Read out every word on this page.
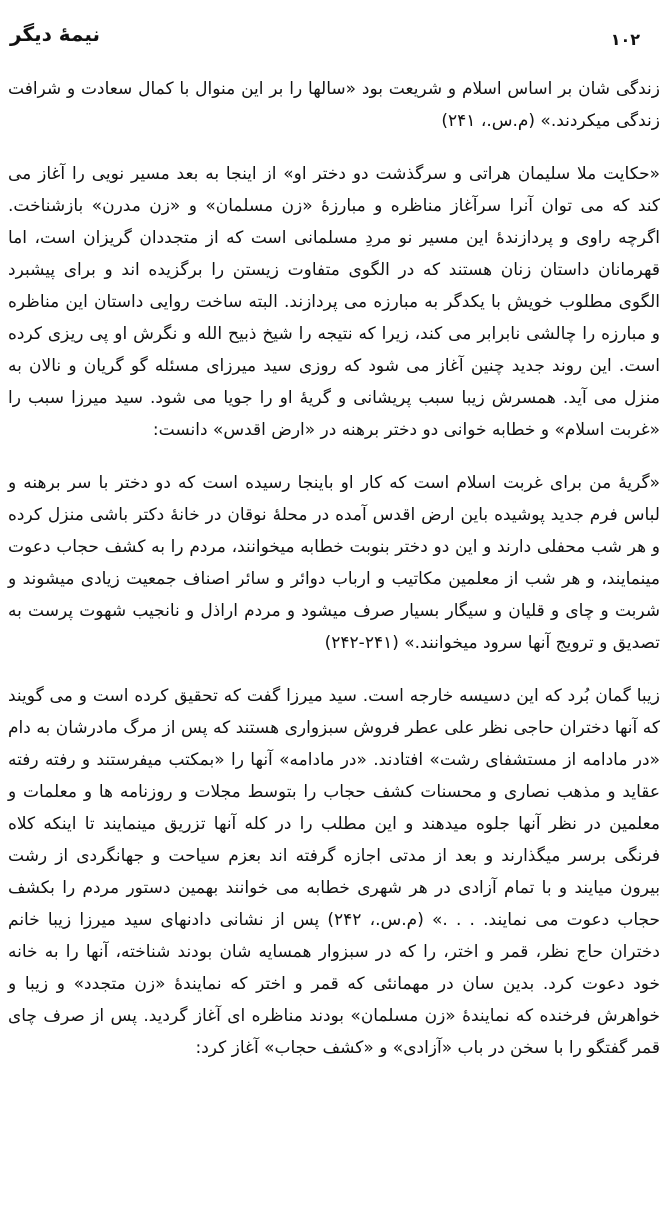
نیمهٔ دیگر	۱۰۲

زندگی شان بر اساس اسلام و شریعت بود «سالها را بر این منوال با کمال سعادت و شرافت زندگی میکردند.» (م.س.، ۲۴۱)

«حکایت ملا سلیمان هراتی و سرگذشت دو دختر او» از اینجا به بعد مسیر نویی را آغاز می کند که می توان آنرا سرآغاز مناظره و مبارزهٔ «زن مسلمان» و «زن مدرن» بازشناخت. اگرچه راوی و پردازندهٔ این مسیر نو مردِ مسلمانی است که از متجددان گریزان است، اما قهرمانان داستان زنان هستند که در الگوی متفاوت زیستن را برگزیده اند و برای پیشبرد الگوی مطلوب خویش با یکدگر به مبارزه می پردازند. البته ساخت روایی داستان این مناظره و مبارزه را چالشی نابرابر می کند، زیرا که نتیجه را شیخ ذبیح الله و نگرش او پی ریزی کرده است. این روند جدید چنین آغاز می شود که روزی سید میرزای مسئله گو گریان و نالان به منزل می آید. همسرش زیبا سبب پریشانی و گریهٔ او را جویا می شود. سید میرزا سبب را «غربت اسلام» و خطابه خوانی دو دختر برهنه در «ارض اقدس» دانست:

«گریهٔ من برای غربت اسلام است که کار او باینجا رسیده است که دو دختر با سر برهنه و لباس فرم جدید پوشیده باین ارض اقدس آمده در محلهٔ نوقان در خانهٔ دکتر باشی منزل کرده و هر شب محفلی دارند و این دو دختر بنوبت خطابه میخوانند، مردم را به کشف حجاب دعوت مینمایند، و هر شب از معلمین مکاتیب و ارباب دوائر و سائر اصناف جمعیت زیادی میشوند و شربت و چای و قلیان و سیگار بسیار صرف میشود و مردم اراذل و نانجیب شهوت پرست به تصدیق و ترویج آنها سرود میخوانند.» (۲۴۱-۲۴۲)

زیبا گمان بُرد که این دسیسه خارجه است. سید میرزا گفت که تحقیق کرده است و می گویند که آنها دختران حاجی نظر علی عطر فروش سبزواری هستند که پس از مرگ مادرشان به دام «در مادامه از مستشفای رشت» افتادند. «در مادامه» آنها را «بمکتب میفرستند و رفته رفته عقاید و مذهب نصاری و محسنات کشف حجاب را بتوسط مجلات و روزنامه ها و معلمات و معلمین در نظر آنها جلوه میدهند و این مطلب را در کله آنها تزریق مینمایند تا اینکه کلاه فرنگی برسر میگذارند و بعد از مدتی اجازه گرفته اند بعزم سیاحت و جهانگردی از رشت بیرون میایند و با تمام آزادی در هر شهری خطابه می خوانند بهمین دستور مردم را بکشف حجاب دعوت می نمایند. . . .» (م.س.، ۲۴۲) پس از نشانی دادنهای سید میرزا زیبا خانم دختران حاج نظر، قمر و اختر، را که در سبزوار همسایه شان بودند شناخته، آنها را به خانه خود دعوت کرد. بدین سان در مهمانئی که قمر و اختر که نمایندهٔ «زن متجدد» و زیبا و خواهرش فرخنده که نمایندهٔ «زن مسلمان» بودند مناظره ای آغاز گردید. پس از صرف چای قمر گفتگو را با سخن در باب «آزادی» و «کشف حجاب» آغاز کرد:
